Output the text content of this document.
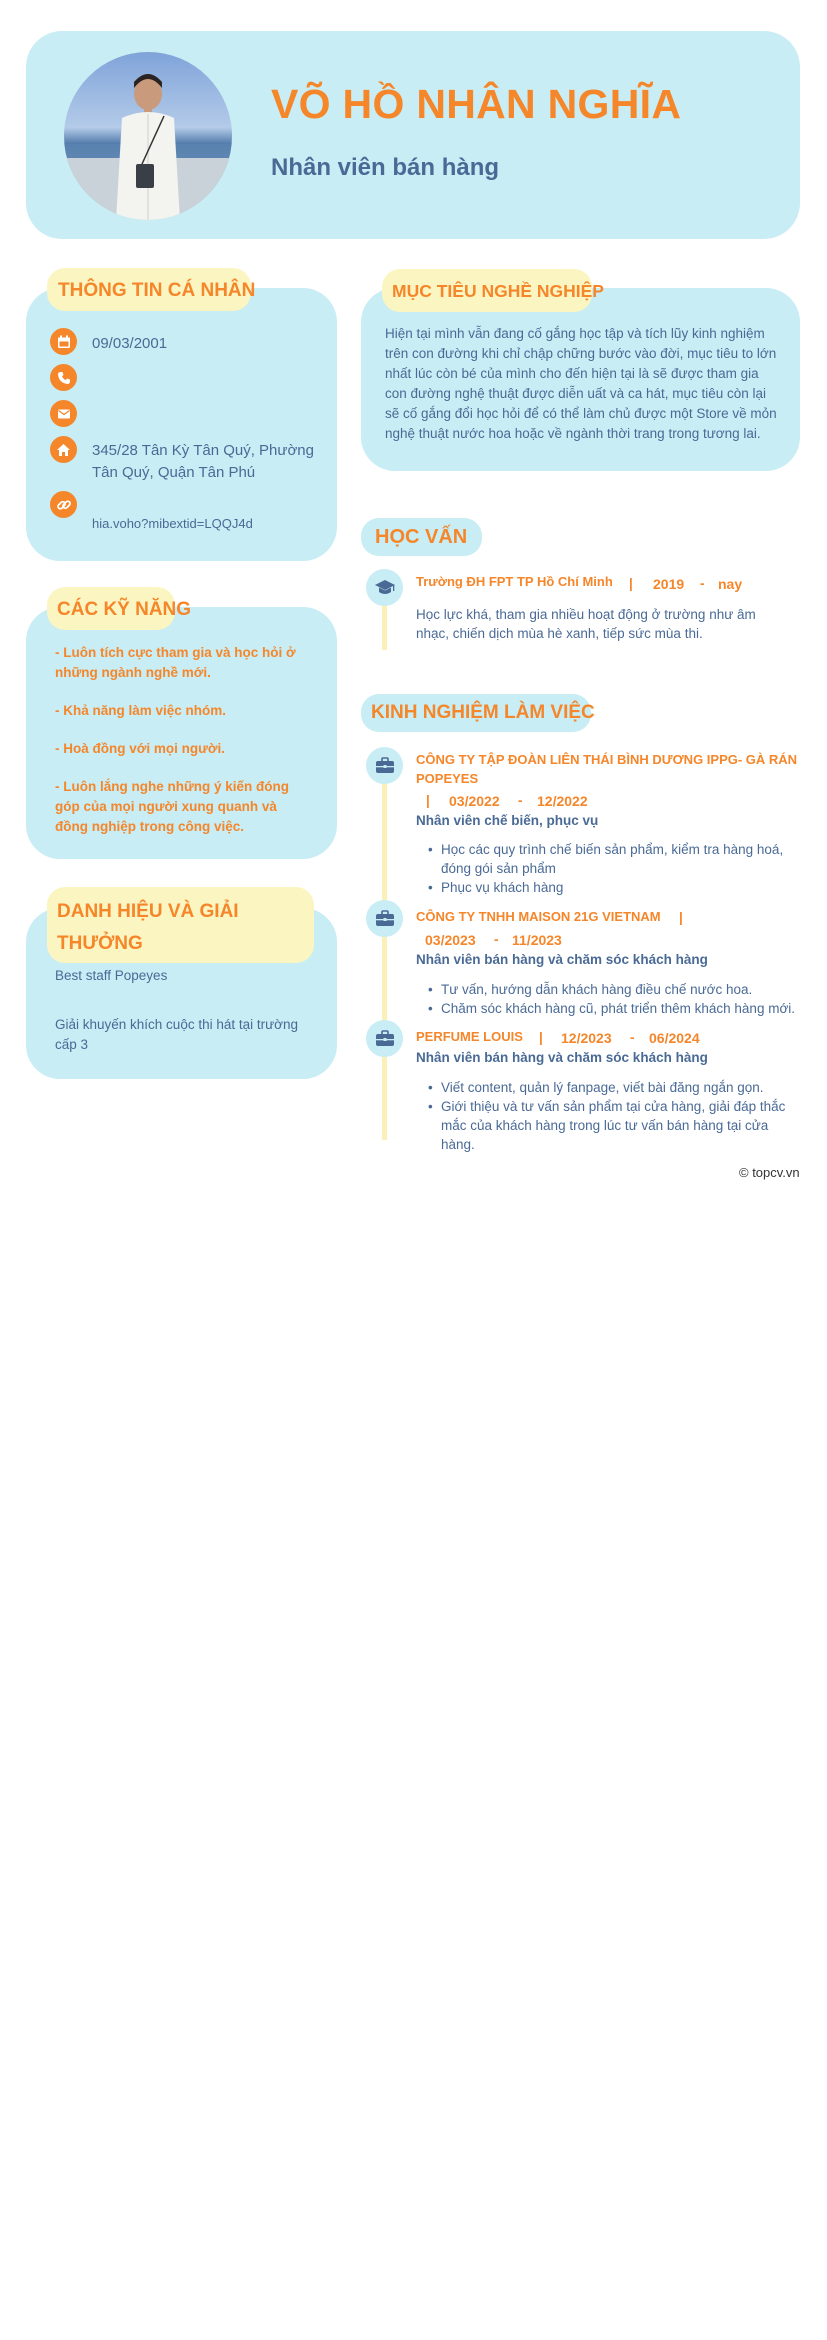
VÕ HỒ NHÂN NGHĨA
Nhân viên bán hàng
09/03/2001
345/28 Tân Kỳ Tân Quý, Phường
Tân Quý, Quận Tân Phú
hia.voho?mibextid=LQQJ4d
THÔNG TIN CÁ NHÂN

- Luôn tích cực tham gia và học hỏi ở những ngành nghề mới.

- Khả năng làm việc nhóm.

- Hoà đồng với mọi người.

- Luôn lắng nghe những ý kiến đóng góp của mọi người xung quanh và đồng nghiệp trong công việc.

CÁC KỸ NĂNG

Best staff Popeyes

Giải khuyến khích cuộc thi hát tại trường cấp 3

DANH HIỆU VÀ GIẢI
THƯỞNG
Hiện tại mình vẫn đang cố gắng học tập và tích lũy kinh nghiệm trên con đường khi chỉ chập chững bước vào đời, mục tiêu to lớn nhất lúc còn bé của mình cho đến hiện tại là sẽ được tham gia con đường nghệ thuật được diễn uất và ca hát, mục tiêu còn lại sẽ cố gắng đổi học hỏi để có thể làm chủ được một Store về mỏn nghệ thuật nước hoa hoặc về ngành thời trang trong tương lai.
MỤC TIÊU NGHỀ NGHIỆP
HỌC VẤN
Trường ĐH FPT TP Hồ Chí Minh | 2019 - nay
Học lực khá, tham gia nhiều hoạt động ở trường như âm nhạc, chiến dịch mùa hè xanh, tiếp sức mùa thi.
KINH NGHIỆM LÀM VIỆC
CÔNG TY TẬP ĐOÀN LIÊN THÁI BÌNH DƯƠNG IPPG- GÀ RÁN
POPEYES
| 03/2022 - 12/2022
Nhân viên chế biến, phục vụ
• Học các quy trình chế biến sản phẩm, kiểm tra hàng hoá, đóng gói sản phẩm
• Phục vụ khách hàng
CÔNG TY TNHH MAISON 21G VIETNAM |
03/2023 - 11/2023
Nhân viên bán hàng và chăm sóc khách hàng
• Tư vấn, hướng dẫn khách hàng điều chế nước hoa.
• Chăm sóc khách hàng cũ, phát triển thêm khách hàng mới.
PERFUME LOUIS | 12/2023 - 06/2024
Nhân viên bán hàng và chăm sóc khách hàng
• Viết content, quản lý fanpage, viết bài đăng ngắn gọn.
• Giới thiệu và tư vấn sản phẩm tại cửa hàng, giải đáp thắc mắc của khách hàng trong lúc tư vấn bán hàng tại cửa hàng.
© topcv.vn
